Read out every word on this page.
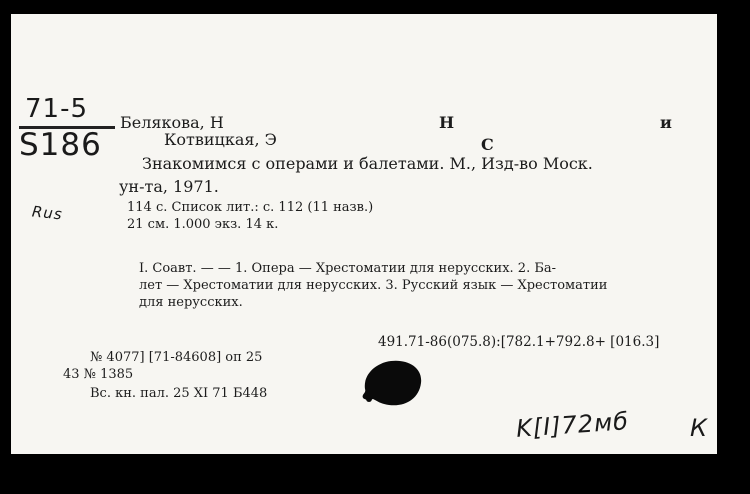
71-5
S186
Белякова, Н	Н	и
Котвицкая, Э	С
Знакомимся с операми и балетами. М., Изд-во Моск.
ун-та, 1971.
Rus	114 с. Список лит.: с. 112 (11 назв.)
21 см. 1.000 экз. 14 к.
I. Соавт. — — 1. Опера — Хрестоматии для нерусских. 2. Ба-
лет — Хрестоматии для нерусских. 3. Русский язык — Хрестоматии
для нерусских.
491.71-86(075.8):[782.1+792.8+ [016.3]
№ 4077] [71-84608] оп 25
43 № 1385
Вс. кн. пал. 25 XI 71 Б448
K[I]72мб	К
